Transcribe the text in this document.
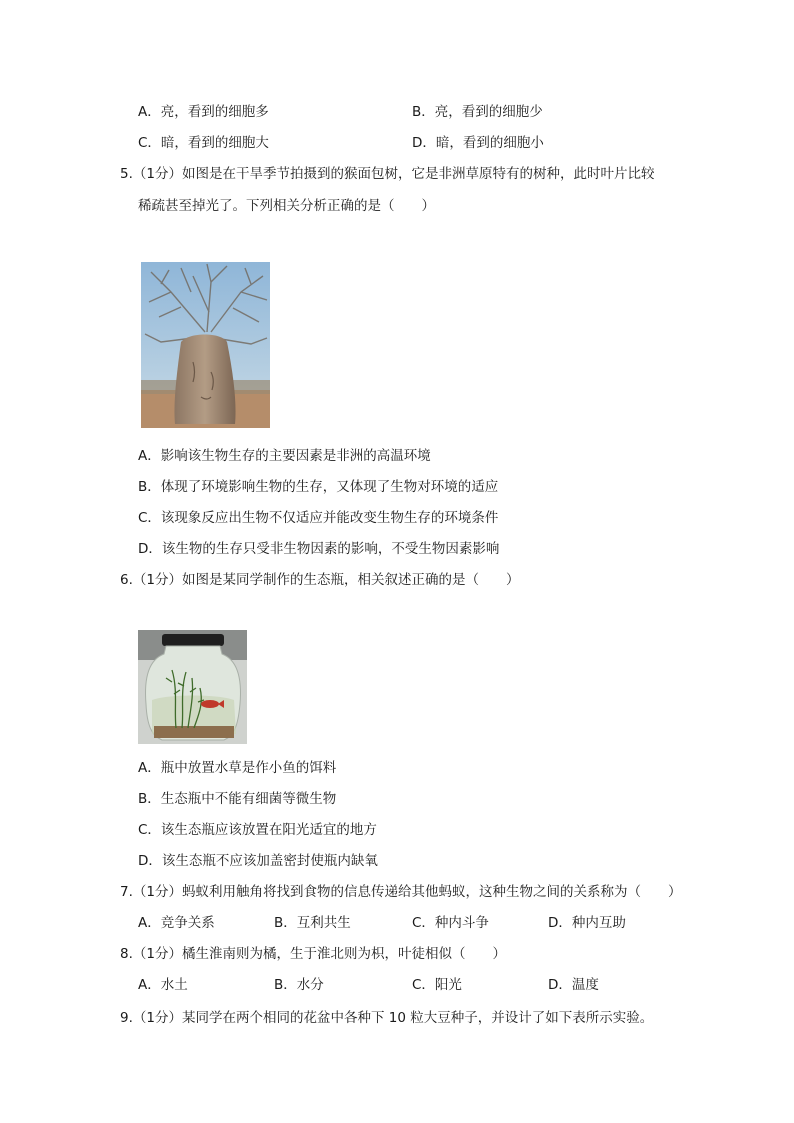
A．亮，看到的细胞多	B．亮，看到的细胞少
C．暗，看到的细胞大	D．暗，看到的细胞小
5.（1分）如图是在干旱季节拍摄到的猴面包树，它是非洲草原特有的树种，此时叶片比较
稀疏甚至掉光了。下列相关分析正确的是（　　）
A．影响该生物生存的主要因素是非洲的高温环境
B．体现了环境影响生物的生存，又体现了生物对环境的适应
C．该现象反应出生物不仅适应并能改变生物生存的环境条件
D．该生物的生存只受非生物因素的影响，不受生物因素影响
6.（1分）如图是某同学制作的生态瓶，相关叙述正确的是（　　）
A．瓶中放置水草是作小鱼的饵料
B．生态瓶中不能有细菌等微生物
C．该生态瓶应该放置在阳光适宜的地方
D．该生态瓶不应该加盖密封使瓶内缺氧
7.（1分）蚂蚁利用触角将找到食物的信息传递给其他蚂蚁，这种生物之间的关系称为（　　）
A．竞争关系	B．互利共生	C．种内斗争	D．种内互助
8.（1分）橘生淮南则为橘，生于淮北则为枳，叶徒相似（　　）
A．水土	B．水分	C．阳光	D．温度
9.（1分）某同学在两个相同的花盆中各种下 10 粒大豆种子，并设计了如下表所示实验。
